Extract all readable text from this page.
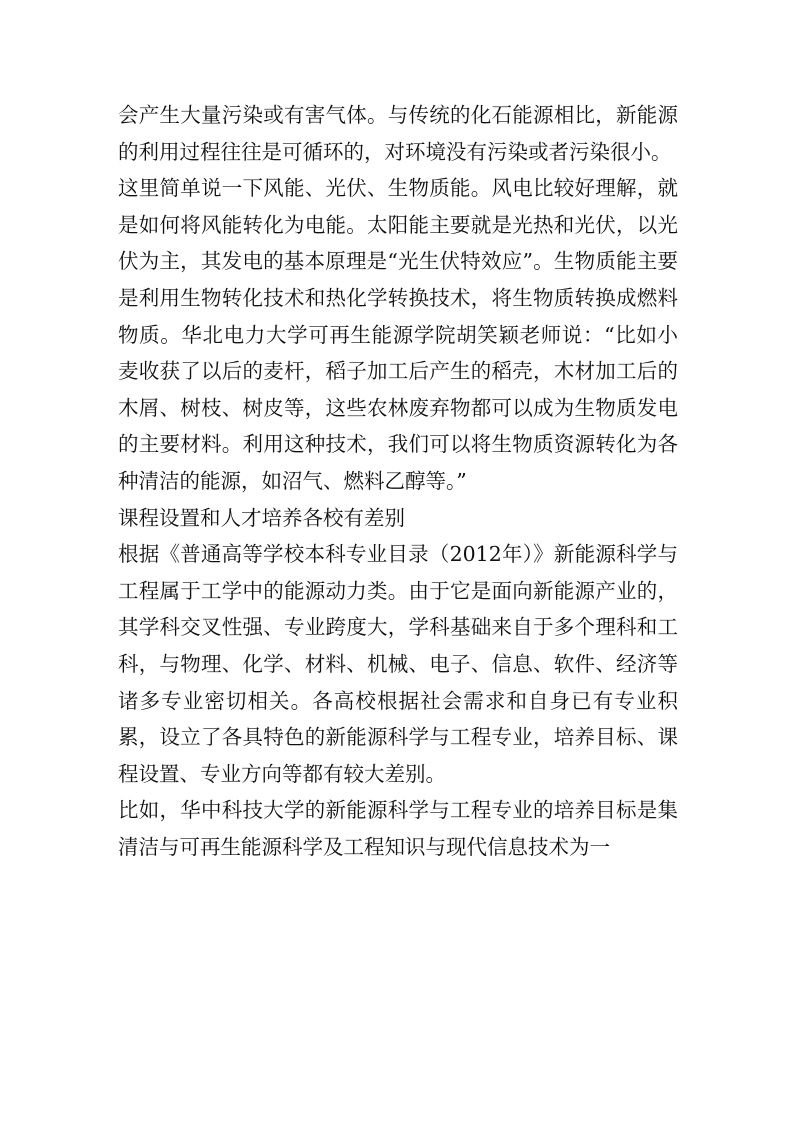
会产生大量污染或有害气体。与传统的化石能源相比，新能源的利用过程往往是可循环的，对环境没有污染或者污染很小。

这里简单说一下风能、光伏、生物质能。风电比较好理解，就是如何将风能转化为电能。太阳能主要就是光热和光伏，以光伏为主，其发电的基本原理是“光生伏特效应”。生物质能主要是利用生物转化技术和热化学转换技术，将生物质转换成燃料物质。华北电力大学可再生能源学院胡笑颖老师说：“比如小麦收获了以后的麦杆，稻子加工后产生的稻壳，木材加工后的木屑、树枝、树皮等，这些农林废弃物都可以成为生物质发电的主要材料。利用这种技术，我们可以将生物质资源转化为各种清洁的能源，如沼气、燃料乙醇等。”

课程设置和人才培养各校有差别

根据《普通高等学校本科专业目录（2012年）》新能源科学与工程属于工学中的能源动力类。由于它是面向新能源产业的，其学科交叉性强、专业跨度大，学科基础来自于多个理科和工科，与物理、化学、材料、机械、电子、信息、软件、经济等诸多专业密切相关。各高校根据社会需求和自身已有专业积累，设立了各具特色的新能源科学与工程专业，培养目标、课程设置、专业方向等都有较大差别。

比如，华中科技大学的新能源科学与工程专业的培养目标是集清洁与可再生能源科学及工程知识与现代信息技术为一
